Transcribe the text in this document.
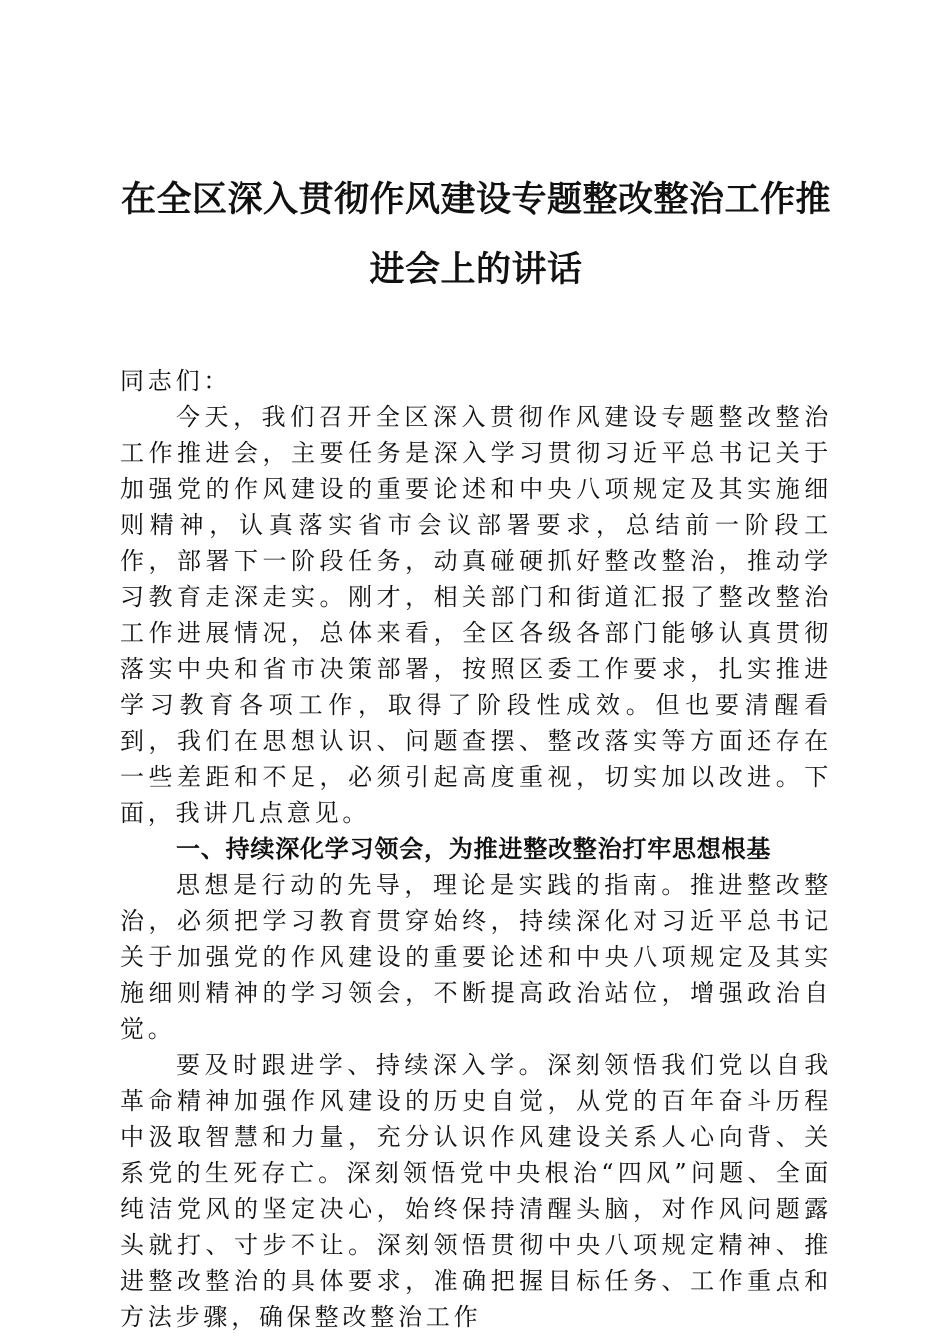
在全区深入贯彻作风建设专题整改整治工作推进会上的讲话

同志们：

今天，我们召开全区深入贯彻作风建设专题整改整治工作推进会，主要任务是深入学习贯彻习近平总书记关于加强党的作风建设的重要论述和中央八项规定及其实施细则精神，认真落实省市会议部署要求，总结前一阶段工作，部署下一阶段任务，动真碰硬抓好整改整治，推动学习教育走深走实。刚才，相关部门和街道汇报了整改整治工作进展情况，总体来看，全区各级各部门能够认真贯彻落实中央和省市决策部署，按照区委工作要求，扎实推进学习教育各项工作，取得了阶段性成效。但也要清醒看到，我们在思想认识、问题查摆、整改落实等方面还存在一些差距和不足，必须引起高度重视，切实加以改进。下面，我讲几点意见。

一、持续深化学习领会，为推进整改整治打牢思想根基

思想是行动的先导，理论是实践的指南。推进整改整治，必须把学习教育贯穿始终，持续深化对习近平总书记关于加强党的作风建设的重要论述和中央八项规定及其实施细则精神的学习领会，不断提高政治站位，增强政治自觉。

要及时跟进学、持续深入学。深刻领悟我们党以自我革命精神加强作风建设的历史自觉，从党的百年奋斗历程中汲取智慧和力量，充分认识作风建设关系人心向背、关系党的生死存亡。深刻领悟党中央根治“四风”问题、全面纯洁党风的坚定决心，始终保持清醒头脑，对作风问题露头就打、寸步不让。深刻领悟贯彻中央八项规定精神、推进整改整治的具体要求，准确把握目标任务、工作重点和方法步骤，确保整改整治工作
